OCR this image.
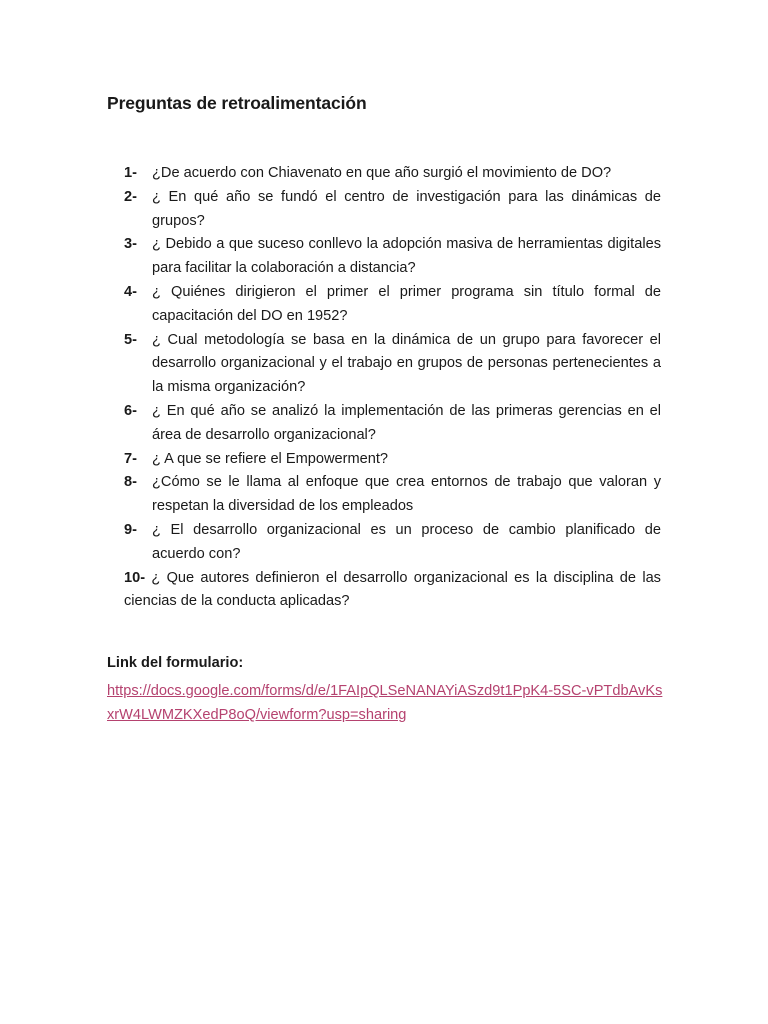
Preguntas de retroalimentación
1-	¿De acuerdo con Chiavenato en que año surgió el movimiento de DO?
2-	¿ En qué año se fundó el centro de investigación para las dinámicas de grupos?
3-	¿ Debido a que suceso conllevo la adopción masiva de herramientas digitales para facilitar la colaboración a distancia?
4-	¿ Quiénes dirigieron el primer el primer programa sin título formal de capacitación del DO en 1952?
5-	¿ Cual metodología se basa en la dinámica de un grupo para favorecer el desarrollo organizacional y el trabajo en grupos de personas pertenecientes a la misma organización?
6-	¿ En qué año se analizó la implementación de las primeras gerencias en el área de desarrollo organizacional?
7-	¿ A que se refiere el Empowerment?
8-	¿Cómo se le llama al enfoque que crea entornos de trabajo que valoran y respetan la diversidad de los empleados
9-	¿ El desarrollo organizacional es un proceso de cambio planificado de acuerdo con?
10- ¿ Que autores definieron el desarrollo organizacional es la disciplina de las ciencias de la conducta aplicadas?

Link del formulario:

https://docs.google.com/forms/d/e/1FAIpQLSeNANAYiASzd9t1PpK4-5SC-vPTdbAvKsxrW4LWMZKXedP8oQ/viewform?usp=sharing
